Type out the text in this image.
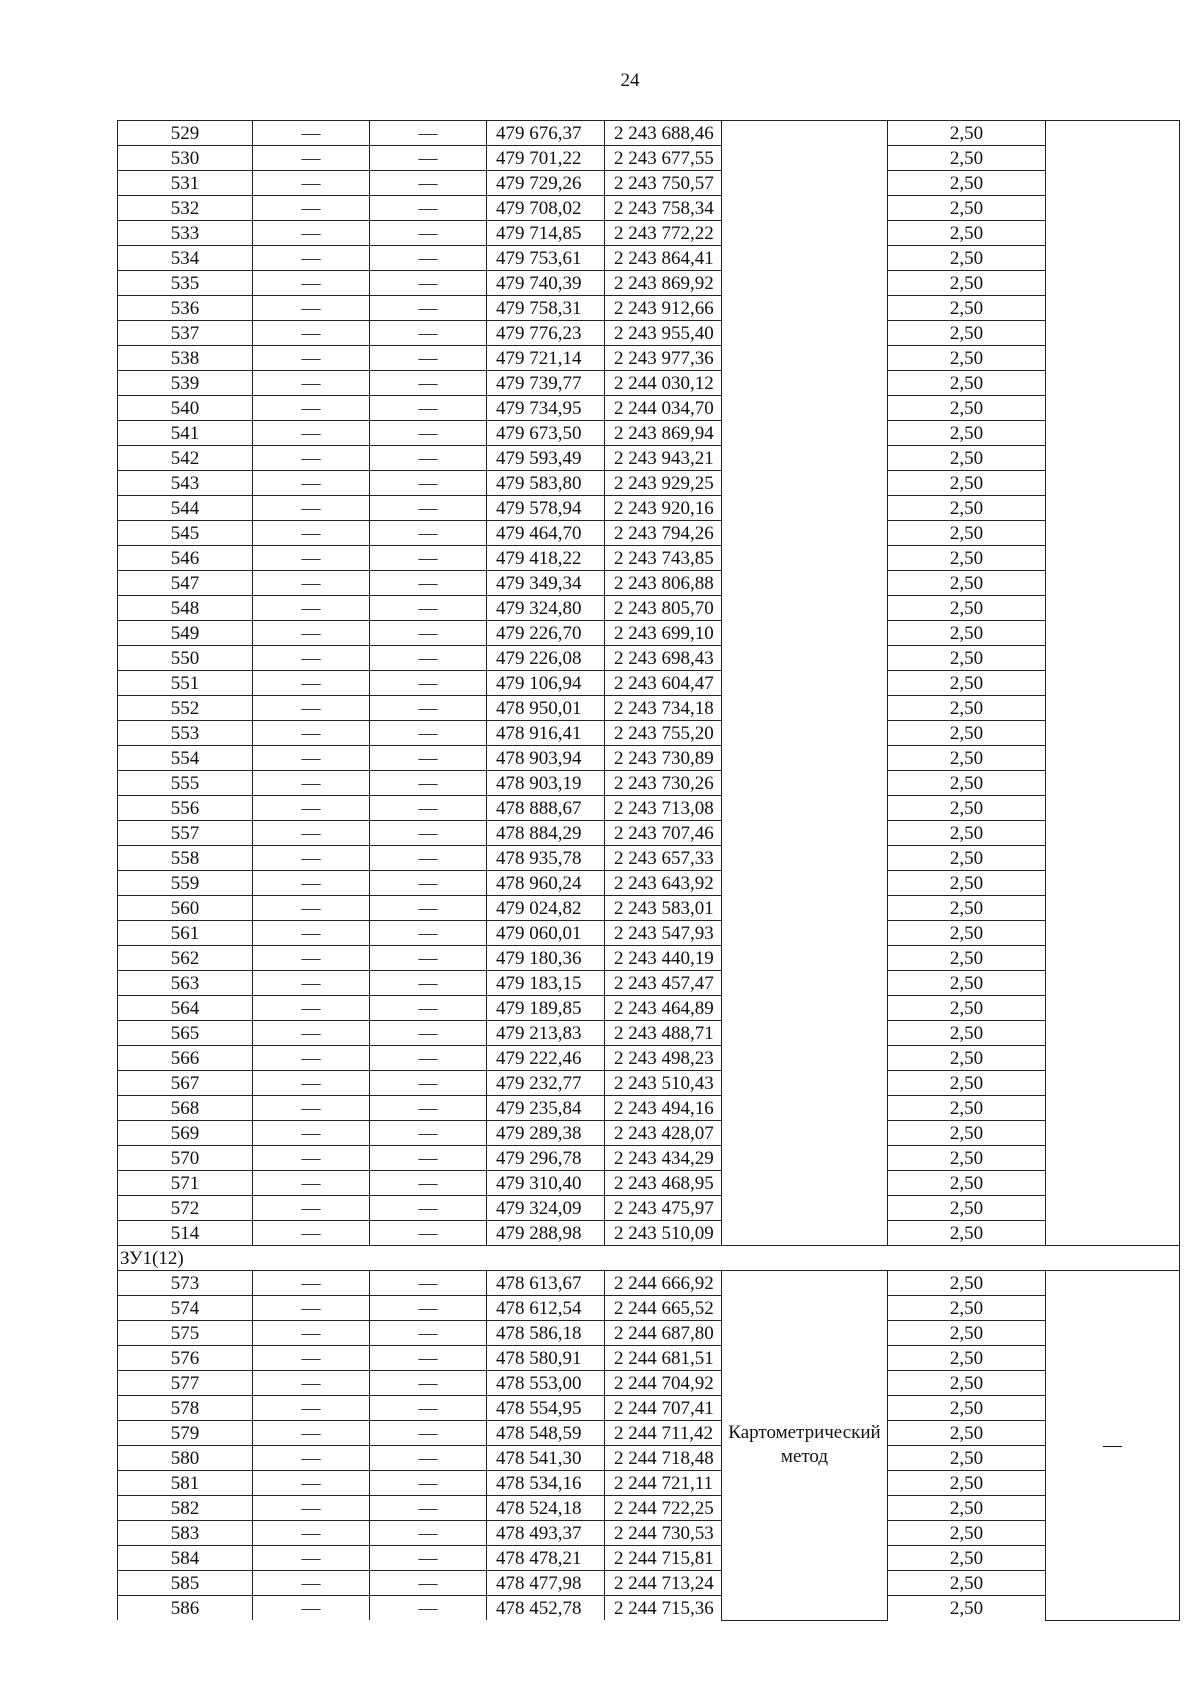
24
529	—	—	479 676,37	2 243 688,46		2,50	
530	—	—	479 701,22	2 243 677,55		2,50	
531	—	—	479 729,26	2 243 750,57		2,50	
532	—	—	479 708,02	2 243 758,34		2,50	
533	—	—	479 714,85	2 243 772,22		2,50	
534	—	—	479 753,61	2 243 864,41		2,50	
535	—	—	479 740,39	2 243 869,92		2,50	
536	—	—	479 758,31	2 243 912,66		2,50	
537	—	—	479 776,23	2 243 955,40		2,50	
538	—	—	479 721,14	2 243 977,36		2,50	
539	—	—	479 739,77	2 244 030,12		2,50	
540	—	—	479 734,95	2 244 034,70		2,50	
541	—	—	479 673,50	2 243 869,94		2,50	
542	—	—	479 593,49	2 243 943,21		2,50	
543	—	—	479 583,80	2 243 929,25		2,50	
544	—	—	479 578,94	2 243 920,16		2,50	
545	—	—	479 464,70	2 243 794,26		2,50	
546	—	—	479 418,22	2 243 743,85		2,50	
547	—	—	479 349,34	2 243 806,88		2,50	
548	—	—	479 324,80	2 243 805,70		2,50	
549	—	—	479 226,70	2 243 699,10		2,50	
550	—	—	479 226,08	2 243 698,43		2,50	
551	—	—	479 106,94	2 243 604,47		2,50	
552	—	—	478 950,01	2 243 734,18		2,50	
553	—	—	478 916,41	2 243 755,20		2,50	
554	—	—	478 903,94	2 243 730,89		2,50	
555	—	—	478 903,19	2 243 730,26		2,50	
556	—	—	478 888,67	2 243 713,08		2,50	
557	—	—	478 884,29	2 243 707,46		2,50	
558	—	—	478 935,78	2 243 657,33		2,50	
559	—	—	478 960,24	2 243 643,92		2,50	
560	—	—	479 024,82	2 243 583,01		2,50	
561	—	—	479 060,01	2 243 547,93		2,50	
562	—	—	479 180,36	2 243 440,19		2,50	
563	—	—	479 183,15	2 243 457,47		2,50	
564	—	—	479 189,85	2 243 464,89		2,50	
565	—	—	479 213,83	2 243 488,71		2,50	
566	—	—	479 222,46	2 243 498,23		2,50	
567	—	—	479 232,77	2 243 510,43		2,50	
568	—	—	479 235,84	2 243 494,16		2,50	
569	—	—	479 289,38	2 243 428,07		2,50	
570	—	—	479 296,78	2 243 434,29		2,50	
571	—	—	479 310,40	2 243 468,95		2,50	
572	—	—	479 324,09	2 243 475,97		2,50	
514	—	—	479 288,98	2 243 510,09		2,50	
ЗУ1(12)							
573	—	—	478 613,67	2 244 666,92	Картометрический метод	2,50	—
574	—	—	478 612,54	2 244 665,52		2,50	
575	—	—	478 586,18	2 244 687,80		2,50	
576	—	—	478 580,91	2 244 681,51		2,50	
577	—	—	478 553,00	2 244 704,92		2,50	
578	—	—	478 554,95	2 244 707,41		2,50	
579	—	—	478 548,59	2 244 711,42		2,50	
580	—	—	478 541,30	2 244 718,48		2,50	
581	—	—	478 534,16	2 244 721,11		2,50	
582	—	—	478 524,18	2 244 722,25		2,50	
583	—	—	478 493,37	2 244 730,53		2,50	
584	—	—	478 478,21	2 244 715,81		2,50	
585	—	—	478 477,98	2 244 713,24		2,50	
586	—	—	478 452,78	2 244 715,36		2,50	
